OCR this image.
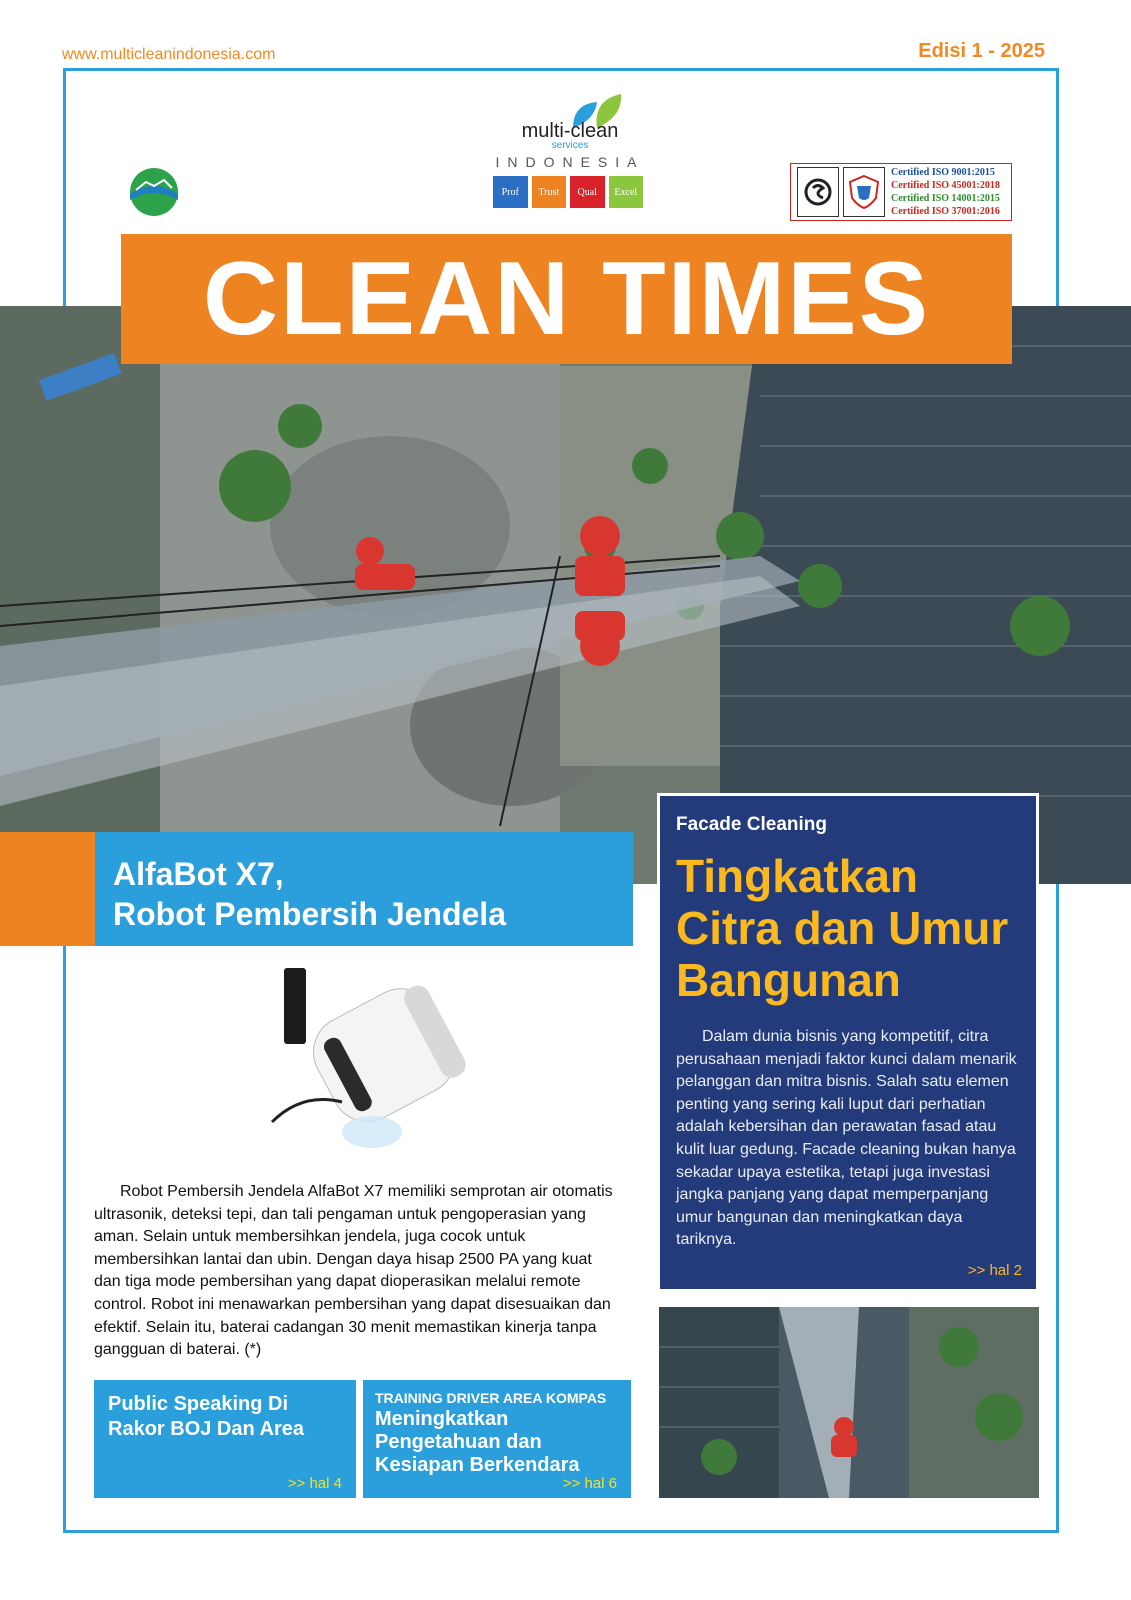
www.multicleanindonesia.com	Edisi 1 - 2025
multi-clean
services
INDONESIA
Prof	Trust	Qual	Excel
Certified ISO 9001:2015
Certified ISO 45001:2018
Certified ISO 14001:2015
Certified ISO 37001:2016
CLEAN TIMES
AlfaBot X7,
Robot Pembersih Jendela
Facade Cleaning
Tingkatkan Citra dan Umur Bangunan
Dalam dunia bisnis yang kompetitif, citra perusahaan menjadi faktor kunci dalam menarik pelanggan dan mitra bisnis. Salah satu elemen penting yang sering kali luput dari perhatian adalah kebersihan dan perawatan fasad atau kulit luar gedung. Facade cleaning bukan hanya sekadar upaya estetika, tetapi juga investasi jangka panjang yang dapat memperpanjang umur bangunan dan meningkatkan daya tariknya.
>> hal 2
Robot Pembersih Jendela AlfaBot X7 memiliki semprotan air otomatis ultrasonik, deteksi tepi, dan tali pengaman untuk pengoperasian yang aman. Selain untuk membersihkan jendela, juga cocok untuk membersihkan lantai dan ubin. Dengan daya hisap 2500 PA yang kuat dan tiga mode pembersihan yang dapat dioperasikan melalui remote control. Robot ini menawarkan pembersihan yang dapat disesuaikan dan efektif. Selain itu, baterai cadangan 30 menit memastikan kinerja tanpa gangguan di baterai. (*)
Public Speaking Di Rakor BOJ Dan Area
>> hal 4
TRAINING DRIVER AREA KOMPAS
Meningkatkan Pengetahuan dan Kesiapan Berkendara
>> hal 6
